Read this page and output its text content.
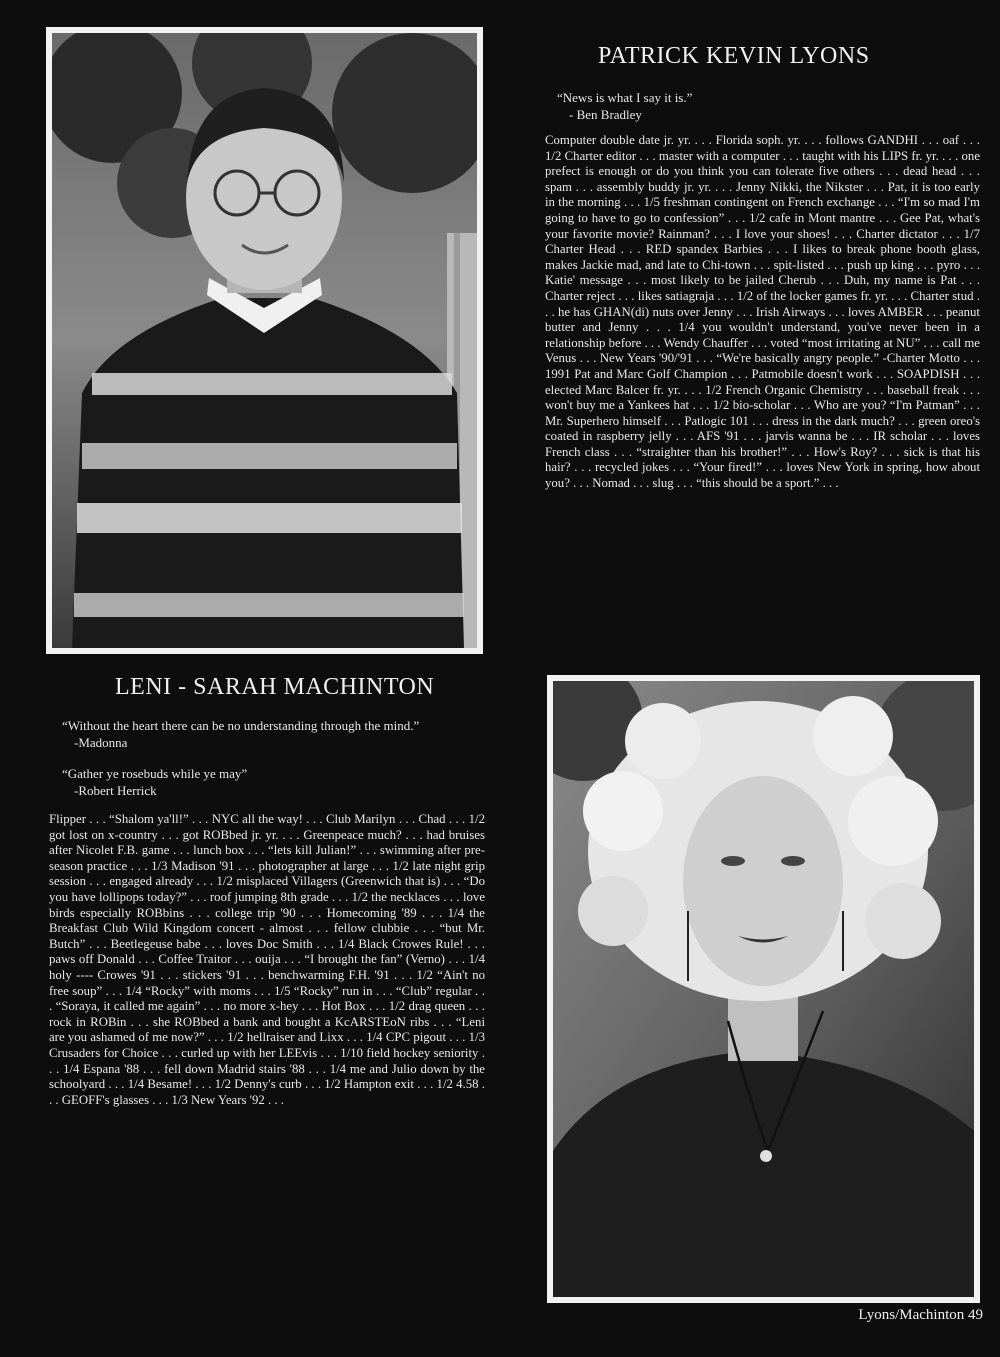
PATRICK KEVIN LYONS
“News is what I say it is.”
- Ben Bradley
Computer double date jr. yr. . . . Florida soph. yr. . . . follows GANDHI . . . oaf . . . 1/2 Charter editor . . . master with a computer . . . taught with his LIPS fr. yr. . . . one prefect is enough or do you think you can tolerate five others . . . dead head . . . spam . . . assembly buddy jr. yr. . . . Jenny Nikki, the Nikster . . . Pat, it is too early in the morning . . . 1/5 freshman contingent on French exchange . . . “I'm so mad I'm going to have to go to confession” . . . 1/2 cafe in Mont mantre . . . Gee Pat, what's your favorite movie? Rainman? . . . I love your shoes! . . . Charter dictator . . . 1/7 Charter Head . . . RED spandex Barbies . . . I likes to break phone booth glass, makes Jackie mad, and late to Chi-town . . . spit-listed . . . push up king . . . pyro . . . Katie' message . . . most likely to be jailed Cherub . . . Duh, my name is Pat . . . Charter reject . . . likes satiagraja . . . 1/2 of the locker games fr. yr. . . . Charter stud . . . he has GHAN(di) nuts over Jenny . . . Irish Airways . . . loves AMBER . . . peanut butter and Jenny . . . 1/4 you wouldn't understand, you've never been in a relationship before . . . Wendy Chauffer . . . voted “most irritating at NU” . . . call me Venus . . . New Years '90/'91 . . . “We're basically angry people.” -Charter Motto . . . 1991 Pat and Marc Golf Champion . . . Patmobile doesn't work . . . SOAPDISH . . . elected Marc Balcer fr. yr. . . . 1/2 French Organic Chemistry . . . baseball freak . . . won't buy me a Yankees hat . . . 1/2 bio-scholar . . . Who are you? “I'm Patman” . . . Mr. Superhero himself . . . Patlogic 101 . . . dress in the dark much? . . . green oreo's coated in raspberry jelly . . . AFS '91 . . . jarvis wanna be . . . IR scholar . . . loves French class . . . “straighter than his brother!” . . . How's Roy? . . . sick is that his hair? . . . recycled jokes . . . “Your fired!” . . . loves New York in spring, how about you? . . . Nomad . . . slug . . . “this should be a sport.” . . .
LENI - SARAH MACHINTON
“Without the heart there can be no understanding through the mind.”
-Madonna
“Gather ye rosebuds while ye may”
-Robert Herrick
Flipper . . . “Shalom ya'll!” . . . NYC all the way! . . . Club Marilyn . . . Chad . . . 1/2 got lost on x-country . . . got ROBbed jr. yr. . . . Greenpeace much? . . . had bruises after Nicolet F.B. game . . . lunch box . . . “lets kill Julian!” . . . swimming after pre-season practice . . . 1/3 Madison '91 . . . photographer at large . . . 1/2 late night grip session . . . engaged already . . . 1/2 misplaced Villagers (Greenwich that is) . . . “Do you have lollipops today?” . . . roof jumping 8th grade . . . 1/2 the necklaces . . . love birds especially ROBbins . . . college trip '90 . . . Homecoming '89 . . . 1/4 the Breakfast Club Wild Kingdom concert - almost . . . fellow clubbie . . . “but Mr. Butch” . . . Beetlegeuse babe . . . loves Doc Smith . . . 1/4 Black Crowes Rule! . . . paws off Donald . . . Coffee Traitor . . . ouija . . . “I brought the fan” (Verno) . . . 1/4 holy ---- Crowes '91 . . . stickers '91 . . . benchwarming F.H. '91 . . . 1/2 “Ain't no free soup” . . . 1/4 “Rocky” with moms . . . 1/5 “Rocky” run in . . . “Club” regular . . . “Soraya, it called me again” . . . no more x-hey . . . Hot Box . . . 1/2 drag queen . . . rock in ROBin . . . she ROBbed a bank and bought a KcARSTEoN ribs . . . “Leni are you ashamed of me now?” . . . 1/2 hellraiser and Lixx . . . 1/4 CPC pigout . . . 1/3 Crusaders for Choice . . . curled up with her LEEvis . . . 1/10 field hockey seniority . . . 1/4 Espana '88 . . . fell down Madrid stairs '88 . . . 1/4 me and Julio down by the schoolyard . . . 1/4 Besame! . . . 1/2 Denny's curb . . . 1/2 Hampton exit . . . 1/2 4.58 . . . GEOFF's glasses . . . 1/3 New Years '92 . . .
Lyons/Machinton 49
